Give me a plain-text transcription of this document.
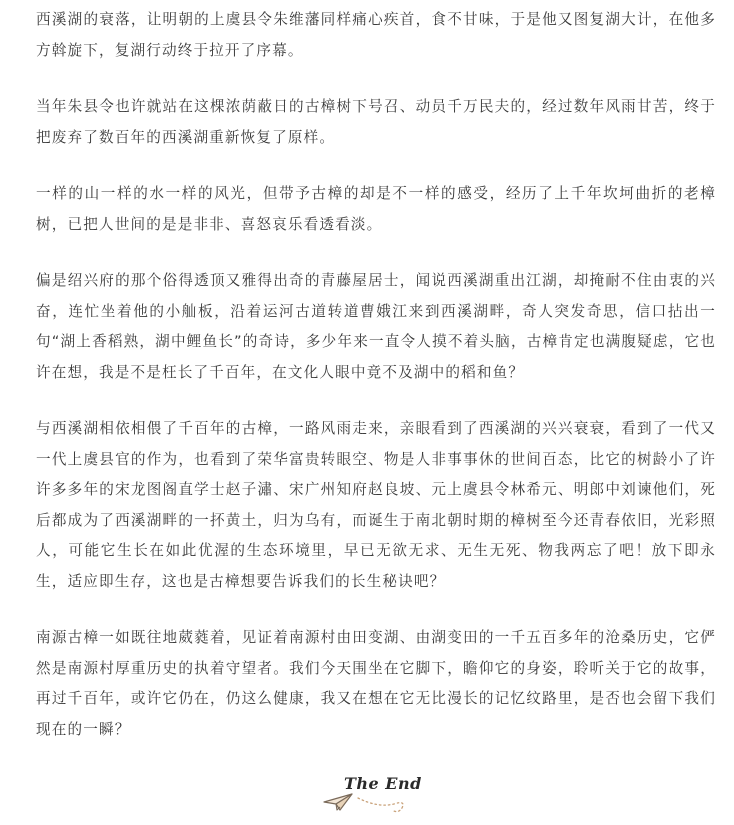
西溪湖的衰落，让明朝的上虞县令朱维藩同样痛心疾首，食不甘味，于是他又图复湖大计，在他多方斡旋下，复湖行动终于拉开了序幕。

当年朱县令也许就站在这棵浓荫蔽日的古樟树下号召、动员千万民夫的，经过数年风雨甘苦，终于把废弃了数百年的西溪湖重新恢复了原样。

一样的山一样的水一样的风光，但带予古樟的却是不一样的感受，经历了上千年坎坷曲折的老樟树，已把人世间的是是非非、喜怒哀乐看透看淡。

偏是绍兴府的那个俗得透顶又雅得出奇的青藤屋居士，闻说西溪湖重出江湖，却掩耐不住由衷的兴奋，连忙坐着他的小舢板，沿着运河古道转道曹娥江来到西溪湖畔，奇人突发奇思，信口拈出一句“湖上香稻熟，湖中鲤鱼长”的奇诗，多少年来一直令人摸不着头脑，古樟肯定也满腹疑虑，它也许在想，我是不是枉长了千百年，在文化人眼中竟不及湖中的稻和鱼？

与西溪湖相依相偎了千百年的古樟，一路风雨走来，亲眼看到了西溪湖的兴兴衰衰，看到了一代又一代上虞县官的作为，也看到了荣华富贵转眼空、物是人非事事休的世间百态，比它的树龄小了许许多多年的宋龙图阁直学士赵子潚、宋广州知府赵良坡、元上虞县令林希元、明郎中刘谏他们，死后都成为了西溪湖畔的一抔黄土，归为乌有，而诞生于南北朝时期的樟树至今还青春依旧，光彩照人，可能它生长在如此优渥的生态环境里，早已无欲无求、无生无死、物我两忘了吧！放下即永生，适应即生存，这也是古樟想要告诉我们的长生秘诀吧？

南源古樟一如既往地葳蕤着，见证着南源村由田变湖、由湖变田的一千五百多年的沧桑历史，它俨然是南源村厚重历史的执着守望者。我们今天围坐在它脚下，瞻仰它的身姿，聆听关于它的故事，再过千百年，或许它仍在，仍这么健康，我又在想在它无比漫长的记忆纹路里，是否也会留下我们现在的一瞬？

The End
